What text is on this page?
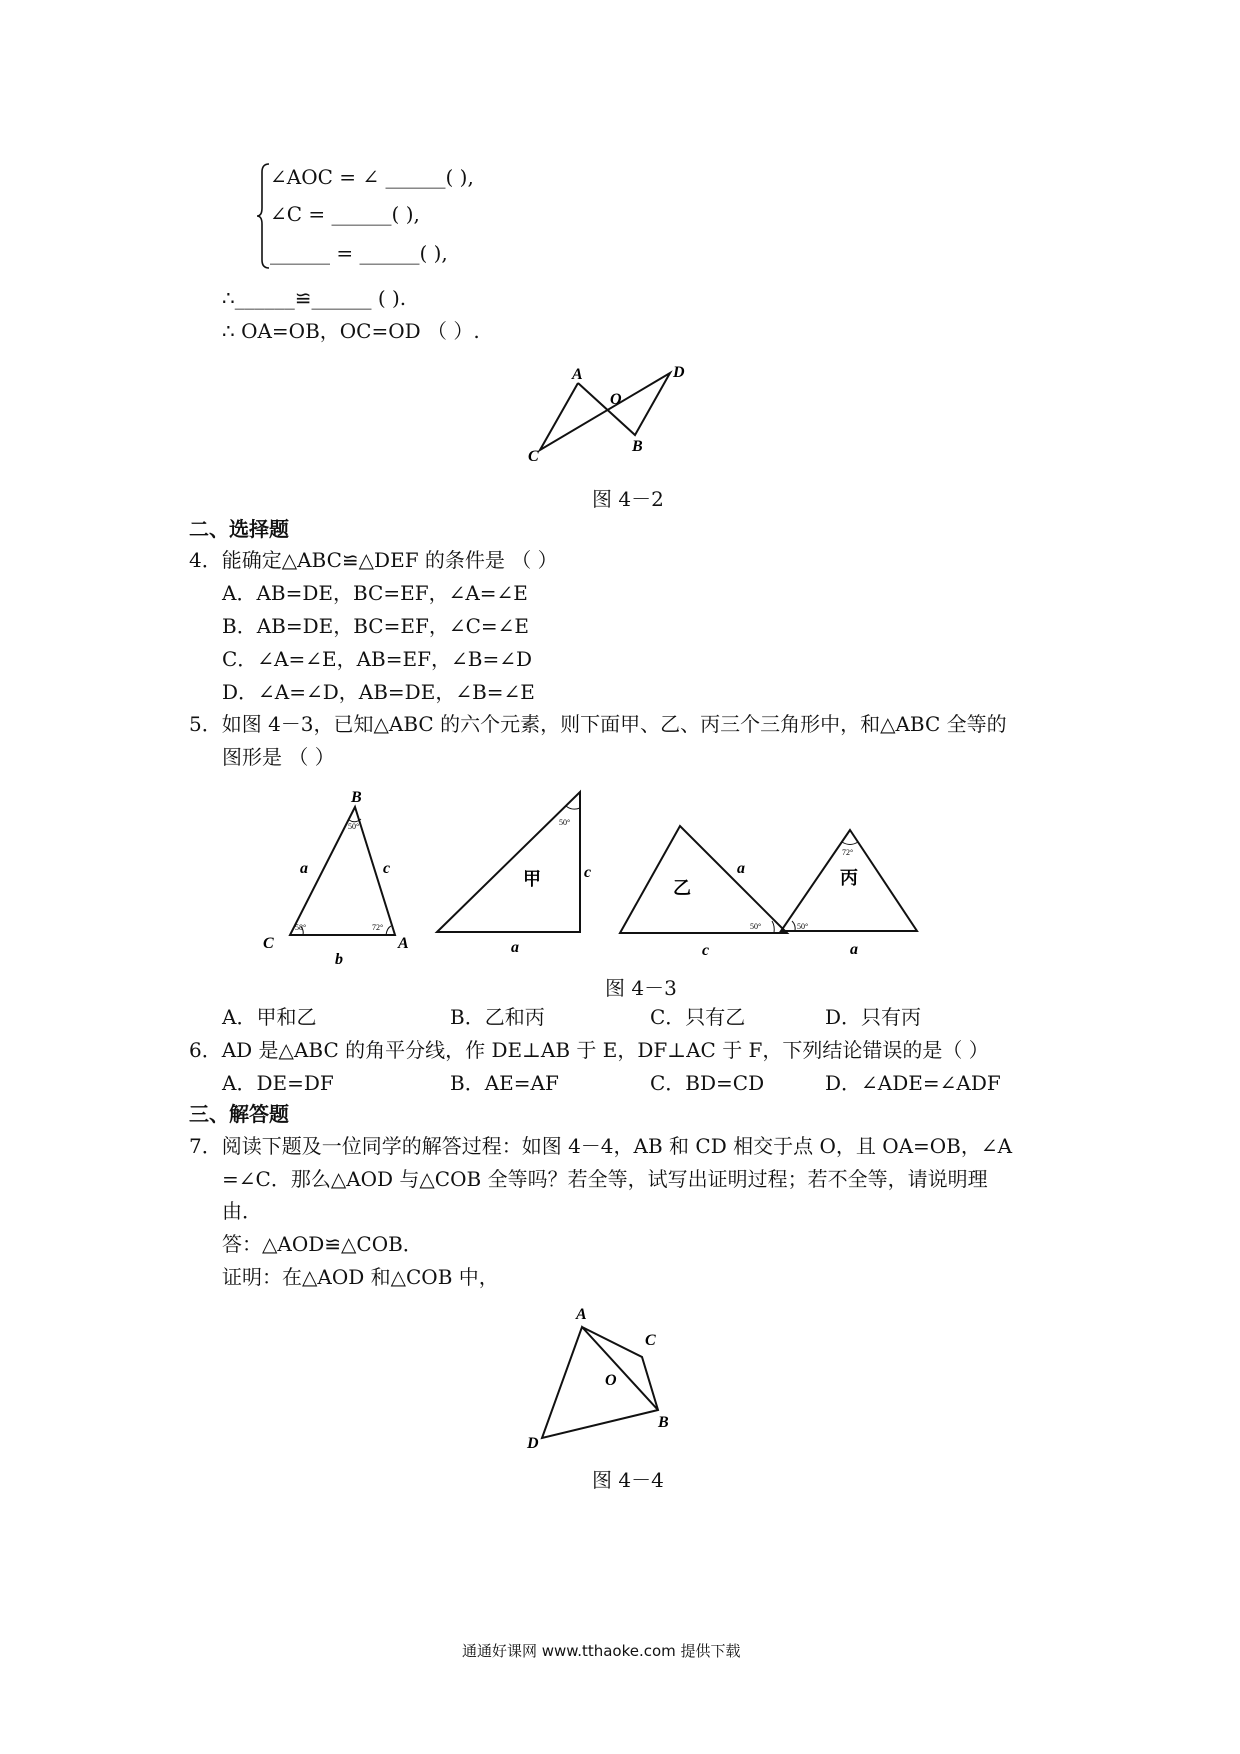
∠AOC = ∠ ______( ),
∠C = ______( ),
______ = ______( ),
∴______≌______ ( ).
∴ OA=OB，OC=OD （ ）.
A
O
D
C
B
图 4－2
二、选择题
4．能确定△ABC≌△DEF 的条件是 （ ）
A．AB=DE，BC=EF，∠A=∠E
B．AB=DE，BC=EF，∠C=∠E
C．∠A=∠E，AB=EF，∠B=∠D
D．∠A=∠D，AB=DE，∠B=∠E
5．如图 4－3，已知△ABC 的六个元素，则下面甲、乙、丙三个三角形中，和△ABC 全等的
图形是 （ ）
B
C	A
a	c
b
50°
58°	72°
甲	c
a
50°
乙
a
c
50°
丙
a
72°
50°
图 4－3
A．甲和乙	B．乙和丙	C．只有乙	D．只有丙
6．AD 是△ABC 的角平分线，作 DE⊥AB 于 E，DF⊥AC 于 F，下列结论错误的是（ ）
A．DE=DF	B．AE=AF	C．BD=CD	D．∠ADE=∠ADF
三、解答题
7．阅读下题及一位同学的解答过程：如图 4－4，AB 和 CD 相交于点 O，且 OA=OB，∠A
=∠C．那么△AOD 与△COB 全等吗？若全等，试写出证明过程；若不全等，请说明理
由．
答：△AOD≌△COB．
证明：在△AOD 和△COB 中，
A
C
O
B
D
图 4－4
通通好课网 www.tthaoke.com 提供下载
